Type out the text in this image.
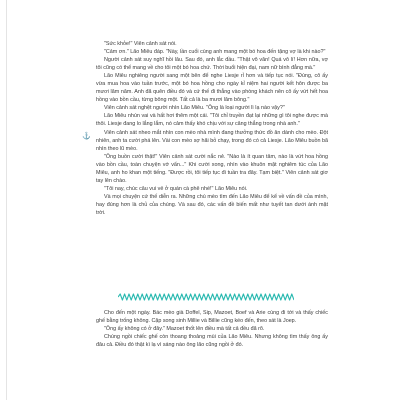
⚓

"Sức khỏe!" Viên cảnh sát nói.

"Cảm ơn." Lão Miêu đáp. "Này, lần cuối cùng anh mang một bó hoa đến tặng vợ là khi nào?"

Người cảnh sát suy nghĩ hồi lâu. Sau đó, anh lắc đầu. "Thật vô văn! Quá vô lí! Hơn nữa, vợ tôi cũng có thể mang về cho tôi một bó hoa chứ. Thời buổi hiện đại, nam nữ bình đẳng mà."

Lão Miêu nghiêng người sang một bên để nghe Liesje rỉ hơn và tiếp tục nói. "Đúng, cô ấy vừa mua hoa vào tuần trước, một bó hoa hồng cho ngày kỉ niệm hai người kết hôn được ba mươi lăm năm. Anh đã quên điều đó và cứ thế đi thẳng vào phòng khách nên cô ấy vứt hết hoa hồng vào bồn cầu, từng bông một. Tất cả là ba mươi lăm bông."

Viên cảnh sát nghệt người nhìn Lão Miêu. "Ông là loại người lì lạ nào vậy?"

Lão Miêu nhún vai và hất hơi thêm một cái. "Tôi chỉ truyền đạt lại những gì tôi nghe được mà thôi. Liesje đang lo lắng lắm, nó cảm thấy khó chịu với sự căng thẳng trong nhà anh."

Viên cảnh sát nheo mắt nhìn con mèo nhà mình đang thưởng thức đồ ăn dành cho mèo. Đột nhiên, anh ta cười phá lên. Vài con mèo sợ hãi bỏ chạy, trong đó có cả Liesje. Lão Miêu buồn bã nhìn theo lũ mèo.

"Ông buồn cười thật!" Viên cảnh sát cười nắc nẻ. "Nào là ít quan tâm, nào là vứt hoa hồng vào bồn cầu, toàn chuyện vớ vẩn..." Khi cười xong, nhìn vào khuôn mặt nghiêm túc của Lão Miêu, anh ho khan một tiếng. "Được rồi, tôi tiếp tục đi tuần tra đây. Tạm biệt." Viên cảnh sát giơ tay lên chào.

"Tôi nay, chúc câu vui vẻ ở quán cà phê nhé!" Lão Miêu nói.

Và mọi chuyện cứ thế diễn ra. Những chú mèo tìm đến Lão Miêu để kể về vấn đề của mình, hay đúng hơn là chủ của chúng. Và sau đó, các vấn đề biến mất như tuyết tan dưới ánh mặt trời.

Cho đến một ngày. Bác mèo già Doffel, Sip, Mazoet, Boef và Arie cùng đi tới và thấy chiếc ghế bằng trống không. Cặp song sinh Millie và Billie cũng kéo đến, theo sát là Joep.

"Ông ấy không có ở đây." Mazoet thốt lên điều mà tất cả đều đã rõ.

Chúng ngồi chiếc ghế còn thoang thoảng mùi của Lão Miêu. Nhưng không tìm thấy ông ấy đâu cả. Điều đó thật kì lạ vì sáng nào ông lão cũng ngồi ở đó.
